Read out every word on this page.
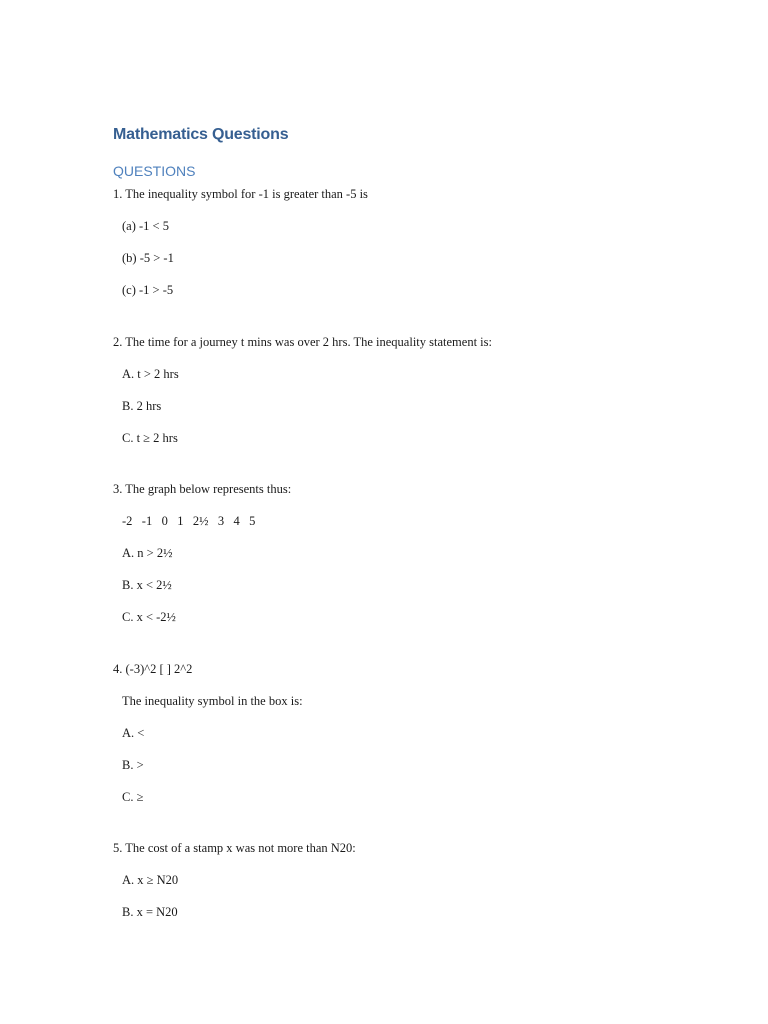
Mathematics Questions
QUESTIONS
1. The inequality symbol for -1 is greater than -5 is
(a) -1 < 5
(b) -5 > -1
(c) -1 > -5
2. The time for a journey t mins was over 2 hrs. The inequality statement is:
A. t > 2 hrs
B. 2 hrs
C. t ≥ 2 hrs
3. The graph below represents thus:
-2   -1   0   1   2½   3   4   5
A. n > 2½
B. x < 2½
C. x < -2½
4. (-3)^2 [ ] 2^2
The inequality symbol in the box is:
A. <
B. >
C. ≥
5. The cost of a stamp x was not more than N20:
A. x ≥ N20
B. x = N20
